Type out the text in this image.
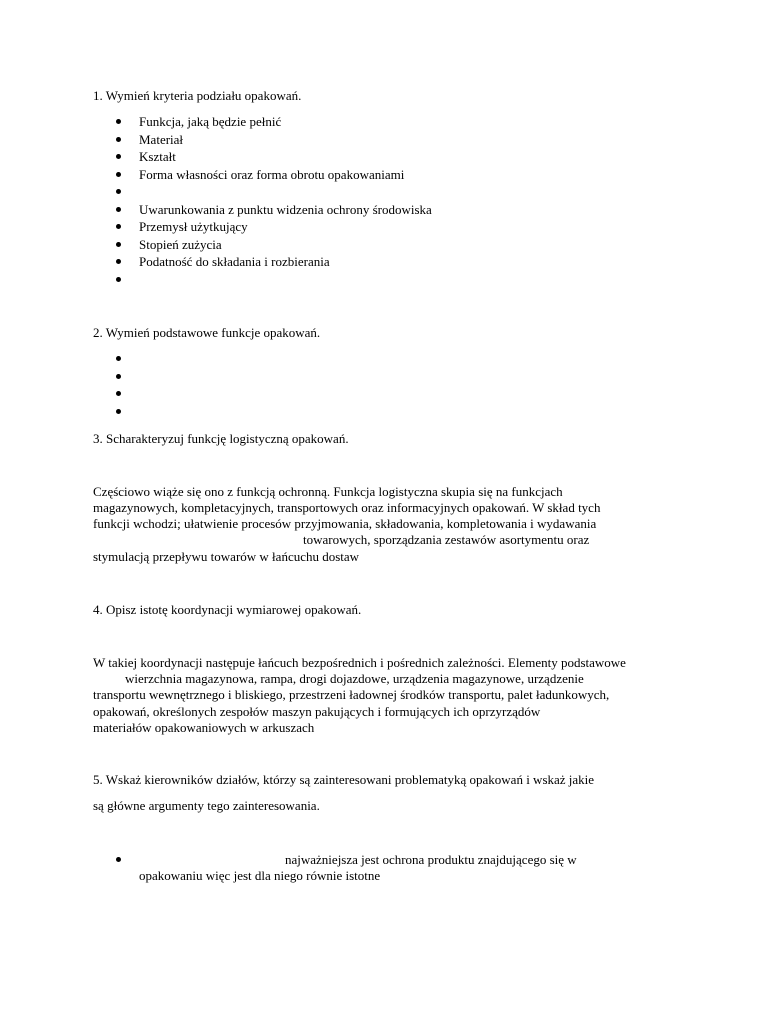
1. Wymień kryteria podziału opakowań.
Funkcja, jaką będzie pełnić
Materiał
Kształt
Forma własności oraz forma obrotu opakowaniami
Uwarunkowania z punktu widzenia ochrony środowiska
Przemysł użytkujący
Stopień zużycia
Podatność do składania i rozbierania
2. Wymień podstawowe funkcje opakowań.
3. Scharakteryzuj funkcję logistyczną opakowań.
Częściowo wiąże się ono z funkcją ochronną. Funkcja logistyczna skupia się na funkcjach
magazynowych, kompletacyjnych, transportowych oraz informacyjnych opakowań. W skład tych
funkcji wchodzi; ułatwienie procesów przyjmowania, składowania, kompletowania i wydawania
towarowych, sporządzania zestawów asortymentu oraz
stymulacją przepływu towarów w łańcuchu dostaw
4. Opisz istotę koordynacji wymiarowej opakowań.
W takiej koordynacji następuje łańcuch bezpośrednich i pośrednich zależności. Elementy podstawowe
wierzchnia magazynowa, rampa, drogi dojazdowe, urządzenia magazynowe, urządzenie
transportu wewnętrznego i bliskiego, przestrzeni ładownej środków transportu, palet ładunkowych,
opakowań, określonych zespołów maszyn pakujących i formujących ich oprzyrządów
materiałów opakowaniowych w arkuszach
5. Wskaż kierowników działów, którzy są zainteresowani problematyką opakowań i wskaż jakie
są główne argumenty tego zainteresowania.
najważniejsza jest ochrona produktu znajdującego się w
opakowaniu więc jest dla niego równie istotne
